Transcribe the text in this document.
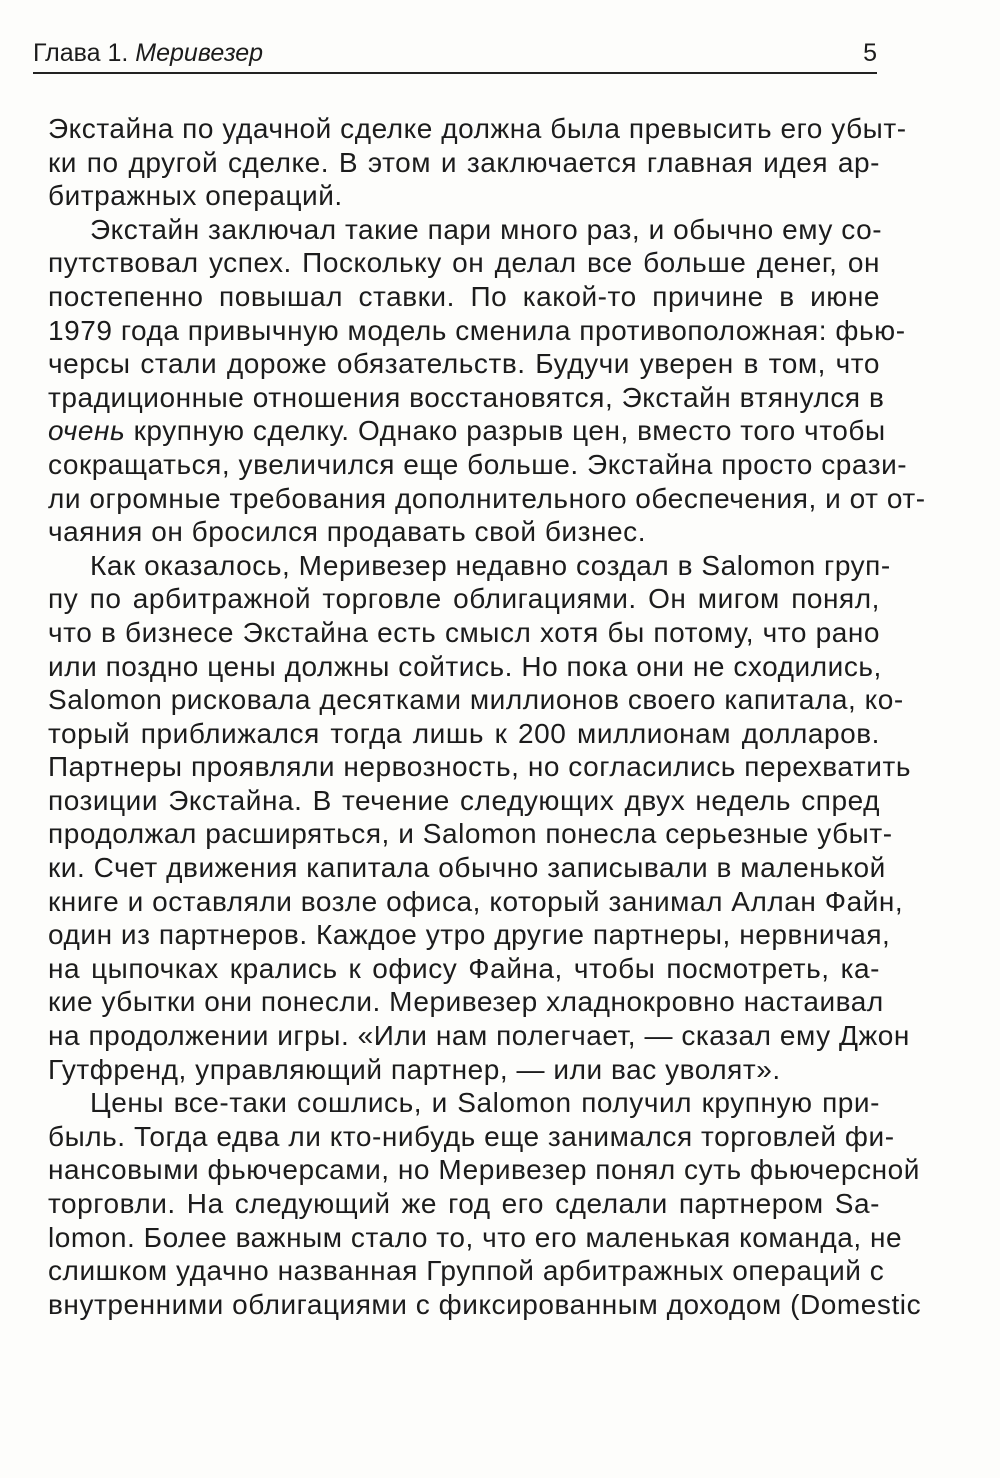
Глава 1. Меривезер	5
Экстайна по удачной сделке должна была превысить его убыт-
ки по другой сделке. В этом и заключается главная идея ар-
битражных операций.
Экстайн заключал такие пари много раз, и обычно ему со-
путствовал успех. Поскольку он делал все больше денег, он
постепенно повышал ставки. По какой-то причине в июне
1979 года привычную модель сменила противоположная: фью-
черсы стали дороже обязательств. Будучи уверен в том, что
традиционные отношения восстановятся, Экстайн втянулся в
очень крупную сделку. Однако разрыв цен, вместо того чтобы
сокращаться, увеличился еще больше. Экстайна просто срази-
ли огромные требования дополнительного обеспечения, и от от-
чаяния он бросился продавать свой бизнес.
Как оказалось, Меривезер недавно создал в Salomon груп-
пу по арбитражной торговле облигациями. Он мигом понял,
что в бизнесе Экстайна есть смысл хотя бы потому, что рано
или поздно цены должны сойтись. Но пока они не сходились,
Salomon рисковала десятками миллионов своего капитала, ко-
торый приближался тогда лишь к 200 миллионам долларов.
Партнеры проявляли нервозность, но согласились перехватить
позиции Экстайна. В течение следующих двух недель спред
продолжал расширяться, и Salomon понесла серьезные убыт-
ки. Счет движения капитала обычно записывали в маленькой
книге и оставляли возле офиса, который занимал Аллан Файн,
один из партнеров. Каждое утро другие партнеры, нервничая,
на цыпочках крались к офису Файна, чтобы посмотреть, ка-
кие убытки они понесли. Меривезер хладнокровно настаивал
на продолжении игры. «Или нам полегчает, — сказал ему Джон
Гутфренд, управляющий партнер, — или вас уволят».
Цены все-таки сошлись, и Salomon получил крупную при-
быль. Тогда едва ли кто-нибудь еще занимался торговлей фи-
нансовыми фьючерсами, но Меривезер понял суть фьючерсной
торговли. На следующий же год его сделали партнером Sa-
lomon. Более важным стало то, что его маленькая команда, не
слишком удачно названная Группой арбитражных операций с
внутренними облигациями с фиксированным доходом (Domestic
